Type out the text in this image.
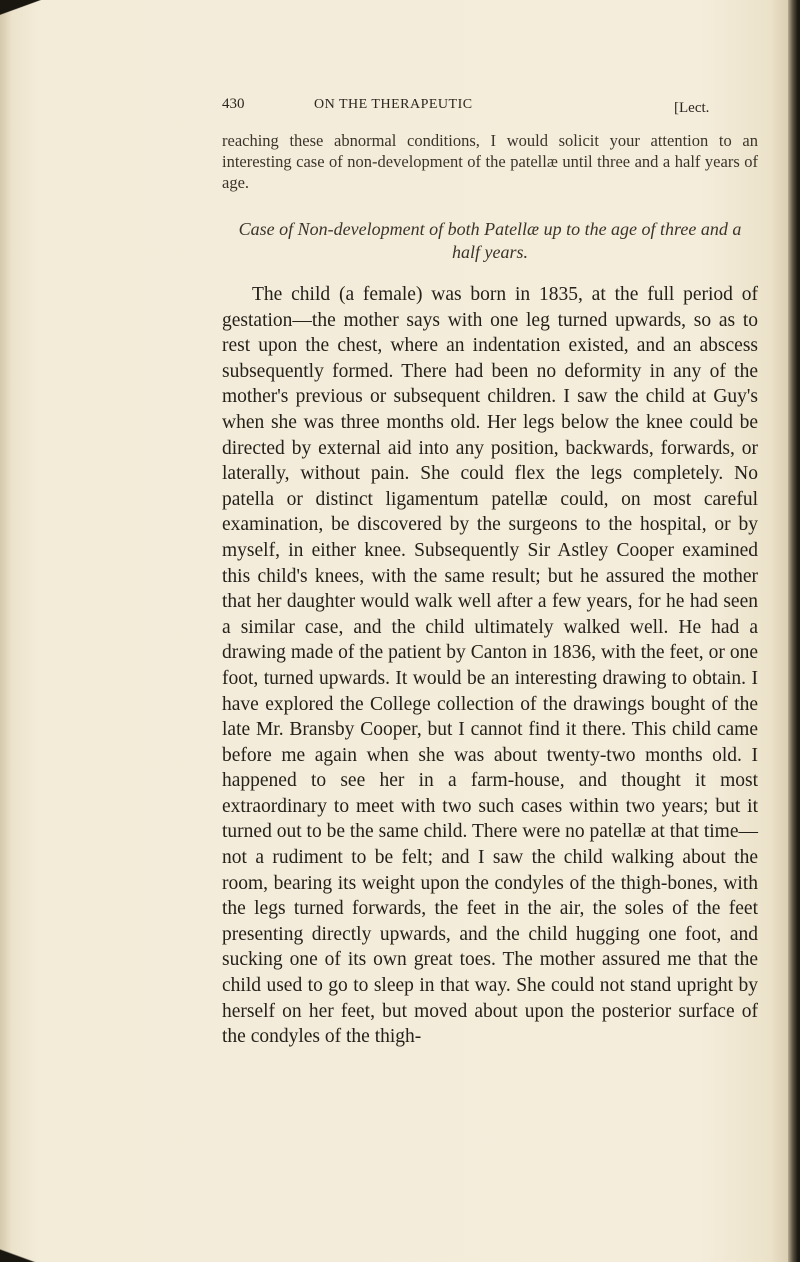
430	ON THE THERAPEUTIC	[Lect.

reaching these abnormal conditions, I would solicit your attention to an interesting case of non-development of the patellæ until three and a half years of age.

Case of Non-development of both Patellæ up to the age of three and a half years.

The child (a female) was born in 1835, at the full period of gestation—the mother says with one leg turned upwards, so as to rest upon the chest, where an indentation existed, and an abscess subsequently formed. There had been no deformity in any of the mother's previous or subsequent children. I saw the child at Guy's when she was three months old. Her legs below the knee could be directed by external aid into any position, backwards, forwards, or laterally, without pain. She could flex the legs completely. No patella or distinct ligamentum patellæ could, on most careful examination, be discovered by the surgeons to the hospital, or by myself, in either knee. Subsequently Sir Astley Cooper examined this child's knees, with the same result; but he assured the mother that her daughter would walk well after a few years, for he had seen a similar case, and the child ultimately walked well. He had a drawing made of the patient by Canton in 1836, with the feet, or one foot, turned upwards. It would be an interesting drawing to obtain. I have explored the College collection of the drawings bought of the late Mr. Bransby Cooper, but I cannot find it there. This child came before me again when she was about twenty-two months old. I happened to see her in a farm-house, and thought it most extraordinary to meet with two such cases within two years; but it turned out to be the same child. There were no patellæ at that time—not a rudiment to be felt; and I saw the child walking about the room, bearing its weight upon the condyles of the thigh-bones, with the legs turned forwards, the feet in the air, the soles of the feet presenting directly upwards, and the child hugging one foot, and sucking one of its own great toes. The mother assured me that the child used to go to sleep in that way. She could not stand upright by herself on her feet, but moved about upon the posterior surface of the condyles of the thigh-
